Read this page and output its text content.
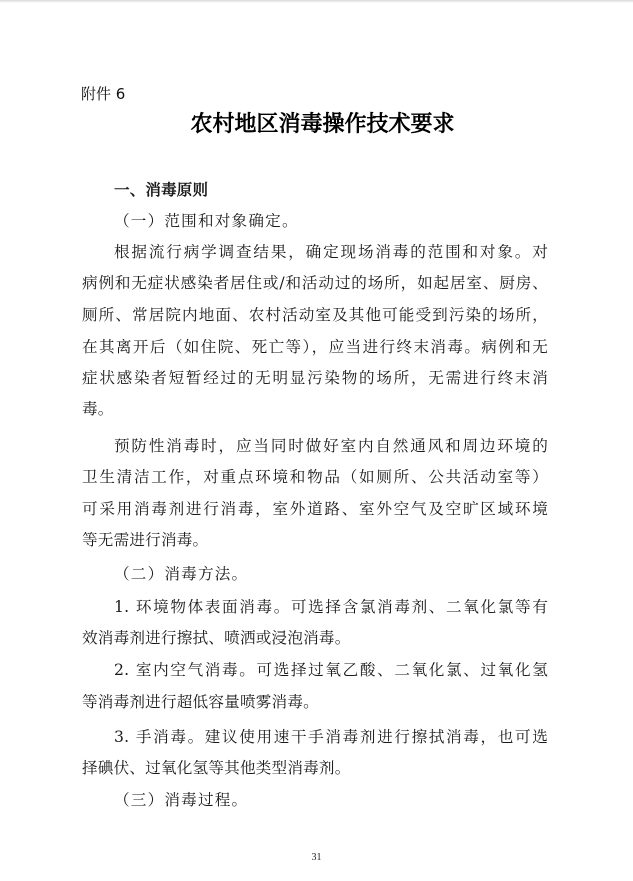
附件 6
农村地区消毒操作技术要求
一、消毒原则
（一）范围和对象确定。
根据流行病学调查结果，确定现场消毒的范围和对象。对
病例和无症状感染者居住或/和活动过的场所，如起居室、厨房、
厕所、常居院内地面、农村活动室及其他可能受到污染的场所，
在其离开后（如住院、死亡等），应当进行终末消毒。病例和无
症状感染者短暂经过的无明显污染物的场所，无需进行终末消
毒。
预防性消毒时，应当同时做好室内自然通风和周边环境的
卫生清洁工作，对重点环境和物品（如厕所、公共活动室等）
可采用消毒剂进行消毒，室外道路、室外空气及空旷区域环境
等无需进行消毒。
（二）消毒方法。
1. 环境物体表面消毒。可选择含氯消毒剂、二氧化氯等有
效消毒剂进行擦拭、喷洒或浸泡消毒。
2. 室内空气消毒。可选择过氧乙酸、二氧化氯、过氧化氢
等消毒剂进行超低容量喷雾消毒。
3. 手消毒。建议使用速干手消毒剂进行擦拭消毒，也可选
择碘伏、过氧化氢等其他类型消毒剂。
（三）消毒过程。
31
